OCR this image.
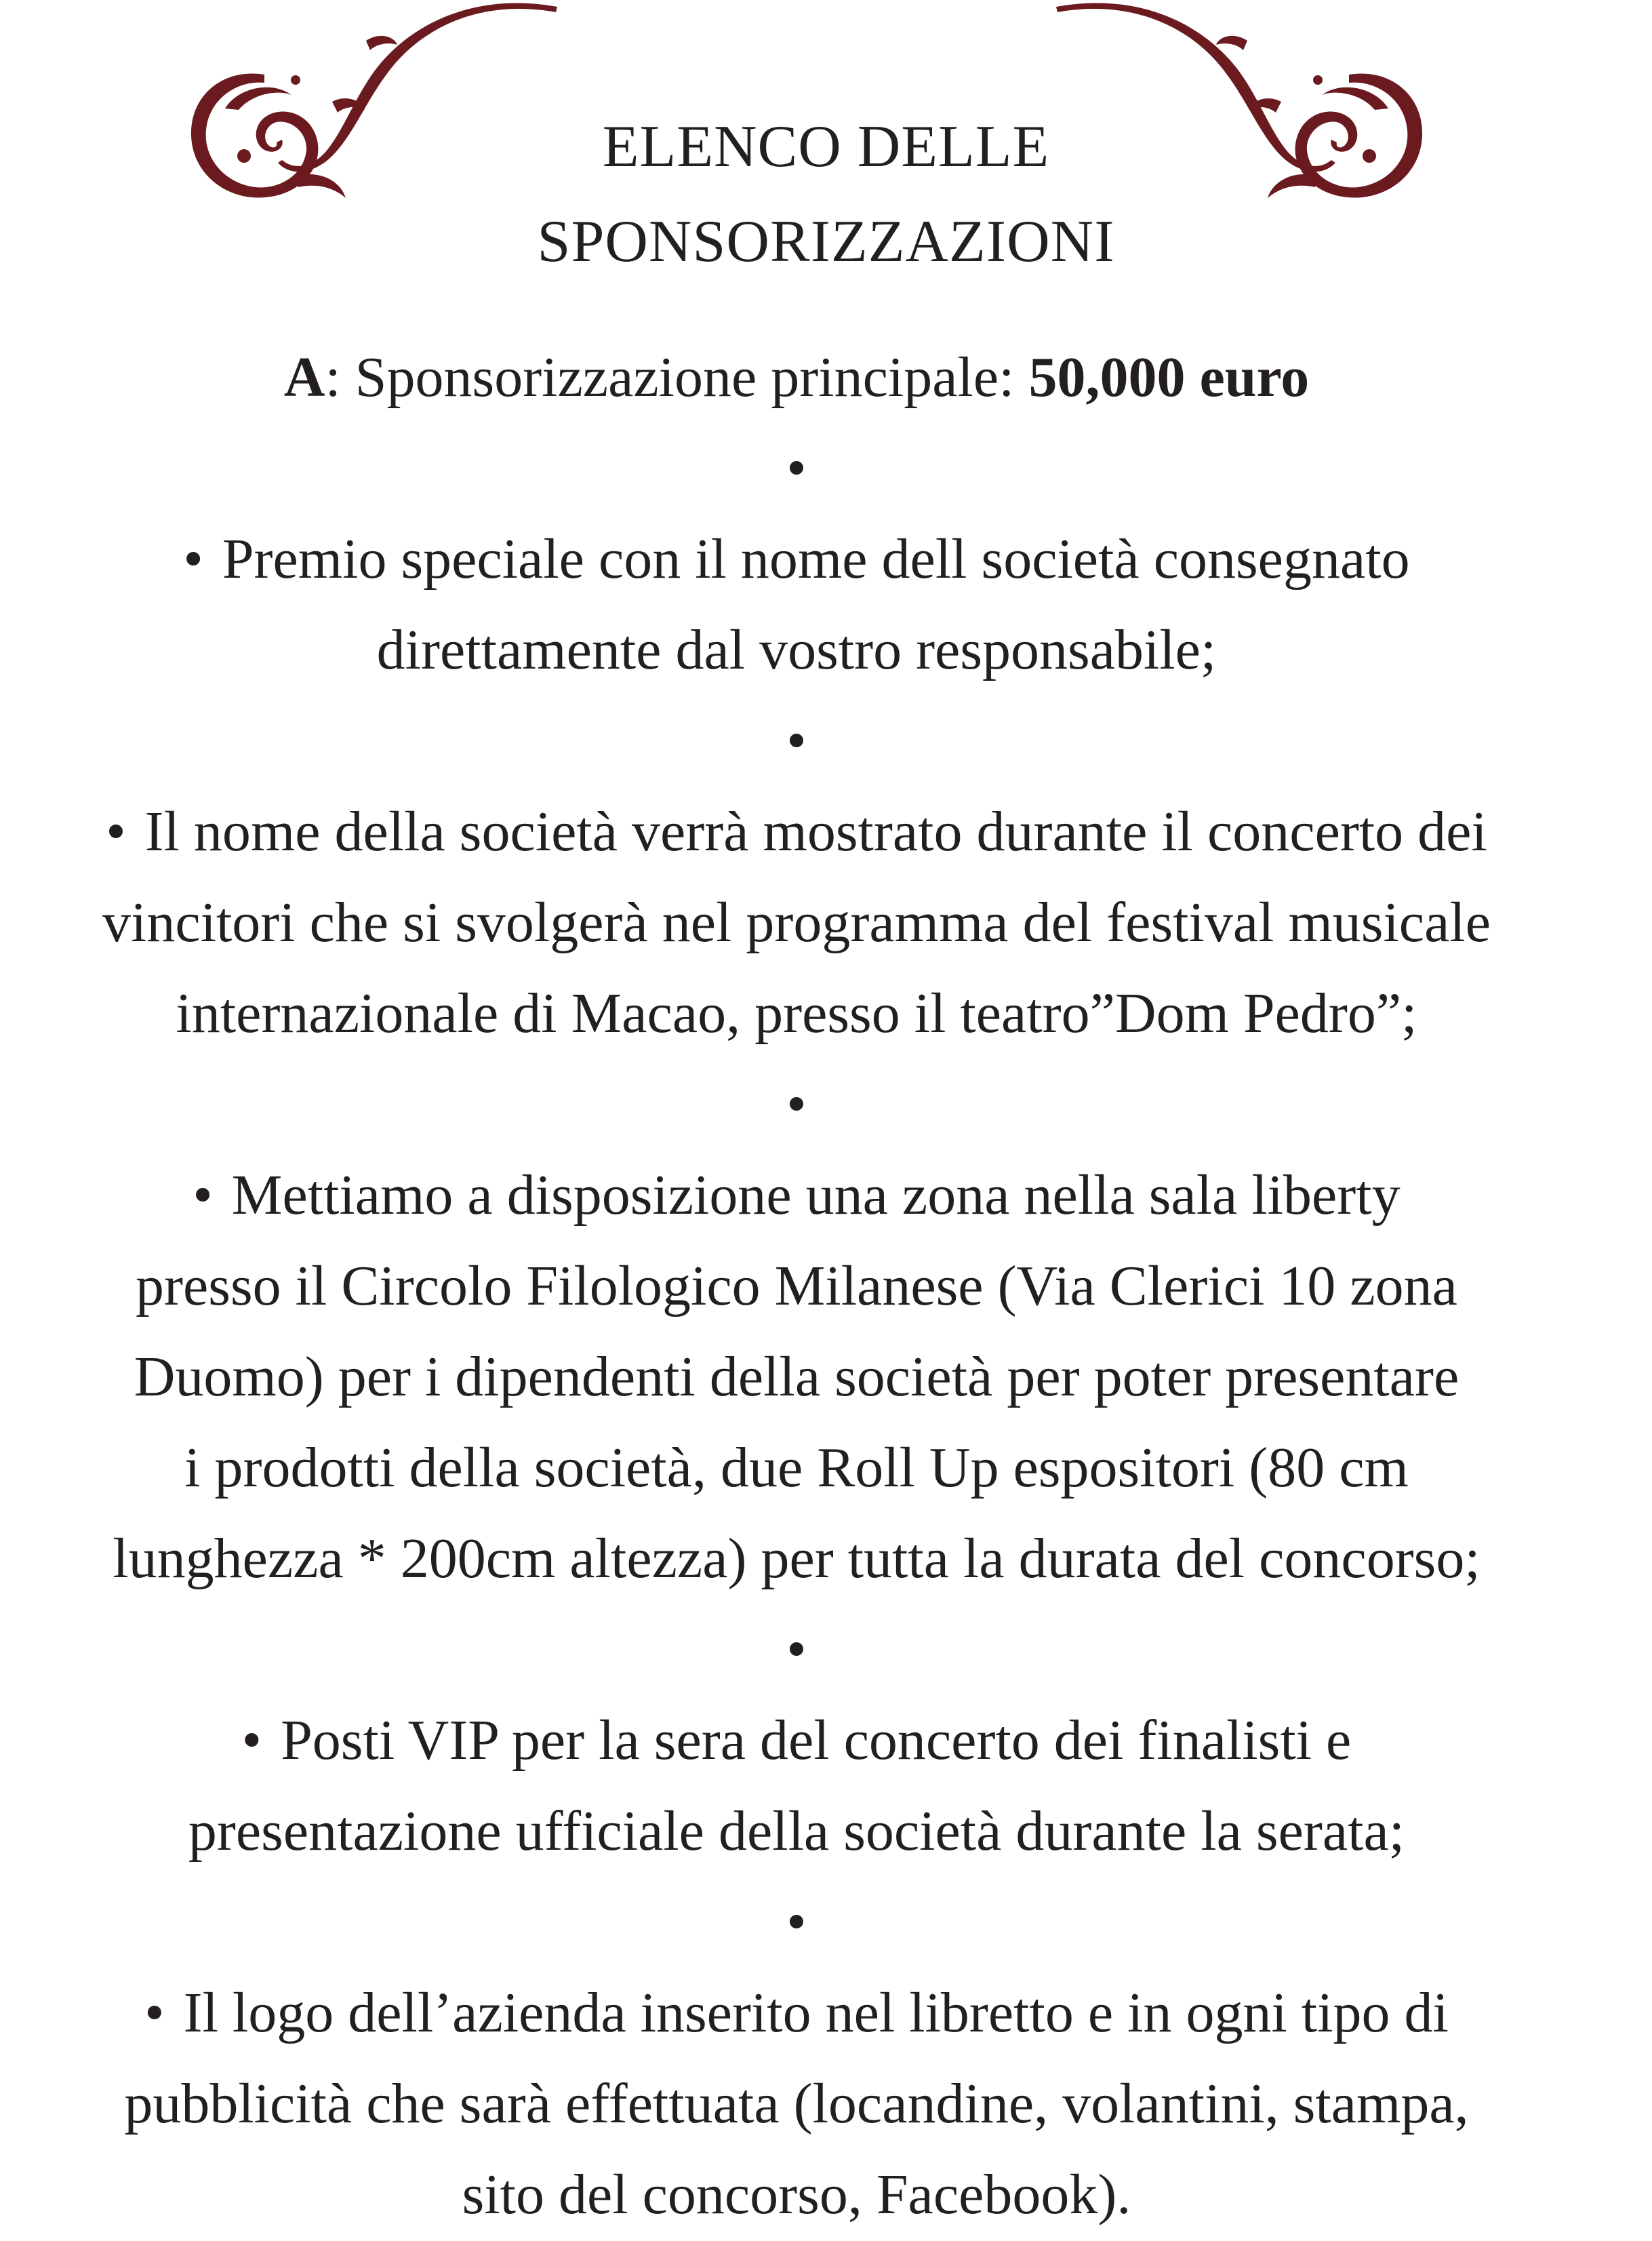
ELENCO DELLE
SPONSORIZZAZIONI

A: Sponsorizzazione principale: 50,000 euro

•

• Premio speciale con il nome dell società consegnato
direttamente dal vostro responsabile;

•

• Il nome della società verrà mostrato durante il concerto dei
vincitori che si svolgerà nel programma del festival musicale
internazionale di Macao, presso il teatro”Dom Pedro”;

•

• Mettiamo a disposizione una zona nella sala liberty
presso il Circolo Filologico Milanese (Via Clerici 10 zona
Duomo) per i dipendenti della società per poter presentare
i prodotti della società, due Roll Up espositori (80 cm
lunghezza * 200cm altezza) per tutta la durata del concorso;

•

• Posti VIP per la sera del concerto dei finalisti e
presentazione ufficiale della società durante la serata;

•

• Il logo dell’azienda inserito nel libretto e in ogni tipo di
pubblicità che sarà effettuata (locandine, volantini, stampa,
sito del concorso, Facebook).
